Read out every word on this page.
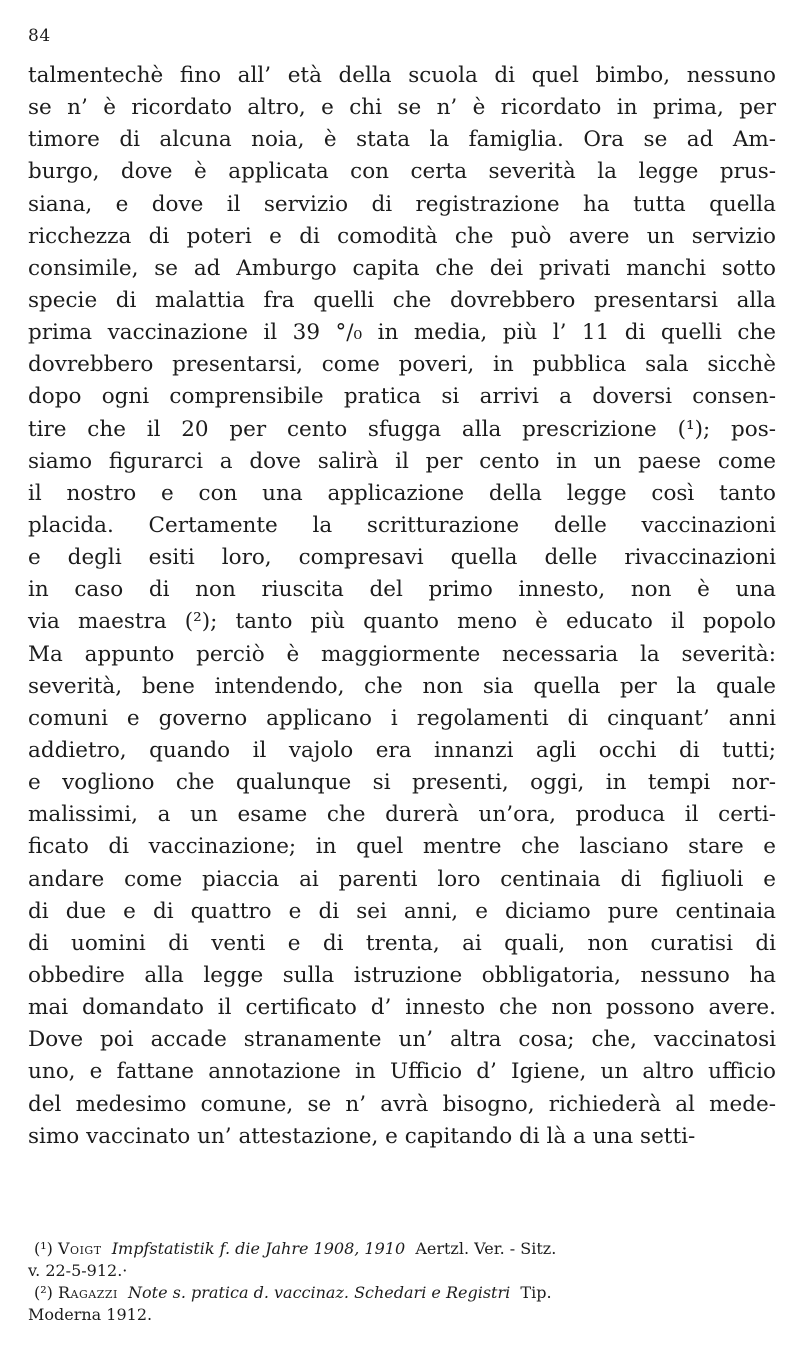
84
talmentechè fino all’ età della scuola di quel bimbo, nessuno
se n’ è ricordato altro, e chi se n’ è ricordato in prima, per
timore di alcuna noia, è stata la famiglia. Ora se ad Am-
burgo, dove è applicata con certa severità la legge prus-
siana, e dove il servizio di registrazione ha tutta quella
ricchezza di poteri e di comodità che può avere un servizio
consimile, se ad Amburgo capita che dei privati manchi sotto
specie di malattia fra quelli che dovrebbero presentarsi alla
prima vaccinazione il 39 °/₀ in media, più l’ 11 di quelli che
dovrebbero presentarsi, come poveri, in pubblica sala sicchè
dopo ogni comprensibile pratica si arrivi a doversi consen-
tire che il 20 per cento sfugga alla prescrizione (¹); pos-
siamo figurarci a dove salirà il per cento in un paese come
il nostro e con una applicazione della legge così tanto
placida. Certamente la scritturazione delle vaccinazioni
e degli esiti loro, compresavi quella delle rivaccinazioni
in caso di non riuscita del primo innesto, non è una
via maestra (²); tanto più quanto meno è educato il popolo
Ma appunto perciò è maggiormente necessaria la severità:
severità, bene intendendo, che non sia quella per la quale
comuni e governo applicano i regolamenti di cinquant’ anni
addietro, quando il vajolo era innanzi agli occhi di tutti;
e vogliono che qualunque si presenti, oggi, in tempi nor-
malissimi, a un esame che durerà un’ora, produca il certi-
ficato di vaccinazione; in quel mentre che lasciano stare e
andare come piaccia ai parenti loro centinaia di figliuoli e
di due e di quattro e di sei anni, e diciamo pure centinaia
di uomini di venti e di trenta, ai quali, non curatisi di
obbedire alla legge sulla istruzione obbligatoria, nessuno ha
mai domandato il certificato d’ innesto che non possono avere.
Dove poi accade stranamente un’ altra cosa; che, vaccinatosi
uno, e fattane annotazione in Ufficio d’ Igiene, un altro ufficio
del medesimo comune, se n’ avrà bisogno, richiederà al mede-
simo vaccinato un’ attestazione, e capitando di là a una setti-
(¹) Voigt Impfstatistik f. die Jahre 1908, 1910 Aertzl. Ver. - Sitz.
v. 22-5-912.·
(²) Ragazzi Note s. pratica d. vaccinaz. Schedari e Registri Tip.
Moderna 1912.
